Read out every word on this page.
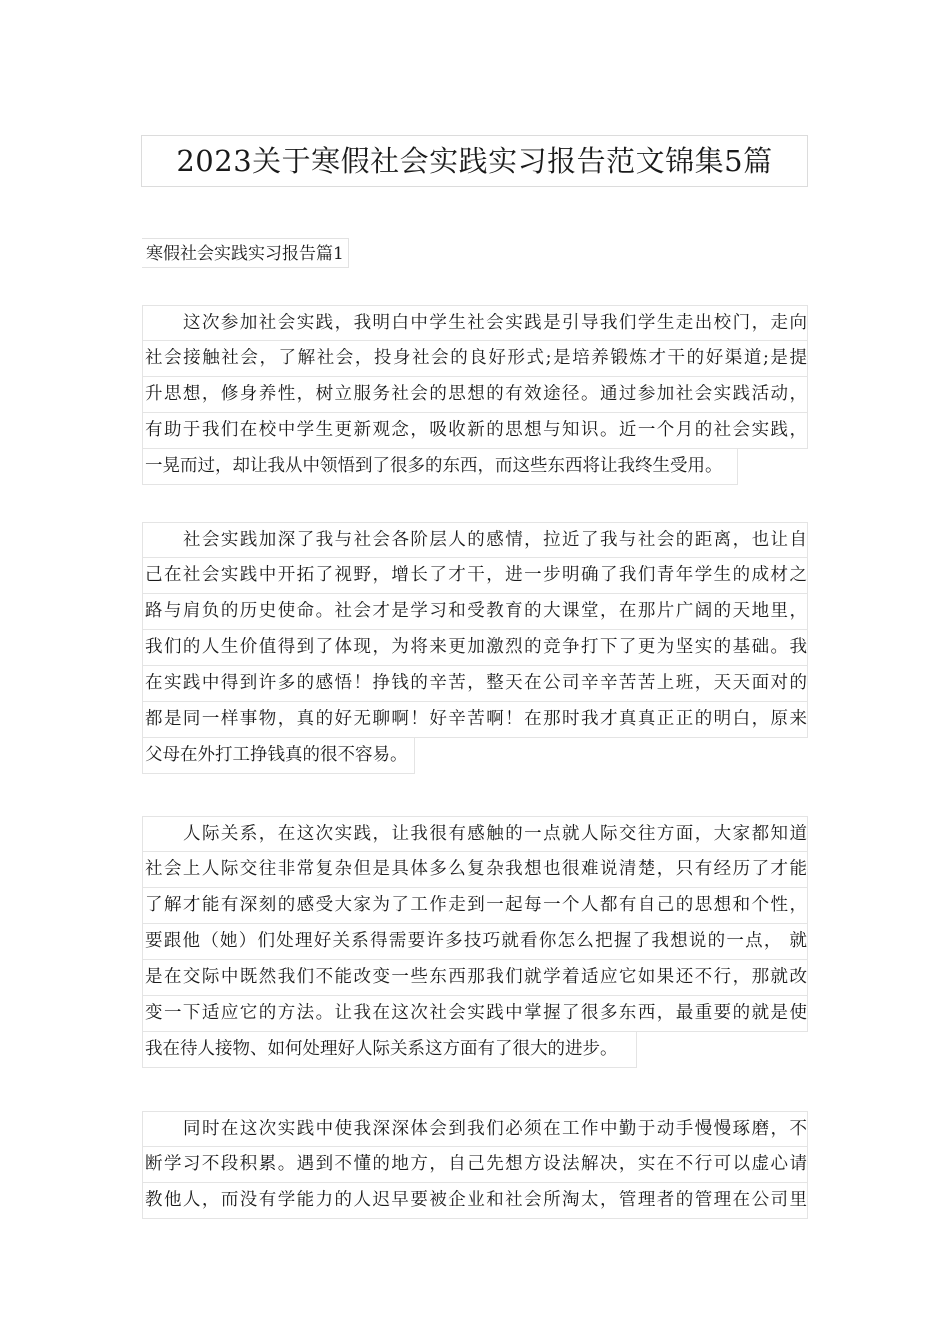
2023关于寒假社会实践实习报告范文锦集5篇
寒假社会实践实习报告篇1
这次参加社会实践，我明白中学生社会实践是引导我们学生走出校门，走向
社会接触社会，了解社会，投身社会的良好形式;是培养锻炼才干的好渠道;是提
升思想，修身养性，树立服务社会的思想的有效途径。通过参加社会实践活动，
有助于我们在校中学生更新观念，吸收新的思想与知识。近一个月的社会实践，
一晃而过，却让我从中领悟到了很多的东西，而这些东西将让我终生受用。
社会实践加深了我与社会各阶层人的感情，拉近了我与社会的距离，也让自
己在社会实践中开拓了视野，增长了才干，进一步明确了我们青年学生的成材之
路与肩负的历史使命。社会才是学习和受教育的大课堂，在那片广阔的天地里，
我们的人生价值得到了体现，为将来更加激烈的竞争打下了更为坚实的基础。我
在实践中得到许多的感悟！挣钱的辛苦，整天在公司辛辛苦苦上班，天天面对的
都是同一样事物，真的好无聊啊！好辛苦啊！在那时我才真真正正的明白，原来
父母在外打工挣钱真的很不容易。
人际关系，在这次实践，让我很有感触的一点就人际交往方面，大家都知道
社会上人际交往非常复杂但是具体多么复杂我想也很难说清楚，只有经历了才能
了解才能有深刻的感受大家为了工作走到一起每一个人都有自己的思想和个性，
要跟他（她）们处理好关系得需要许多技巧就看你怎么把握了我想说的一点， 就
是在交际中既然我们不能改变一些东西那我们就学着适应它如果还不行，那就改
变一下适应它的方法。让我在这次社会实践中掌握了很多东西，最重要的就是使
我在待人接物、如何处理好人际关系这方面有了很大的进步。
同时在这次实践中使我深深体会到我们必须在工作中勤于动手慢慢琢磨，不
断学习不段积累。遇到不懂的地方，自己先想方设法解决，实在不行可以虚心请
教他人，而没有学能力的人迟早要被企业和社会所淘太，管理者的管理在公司里
